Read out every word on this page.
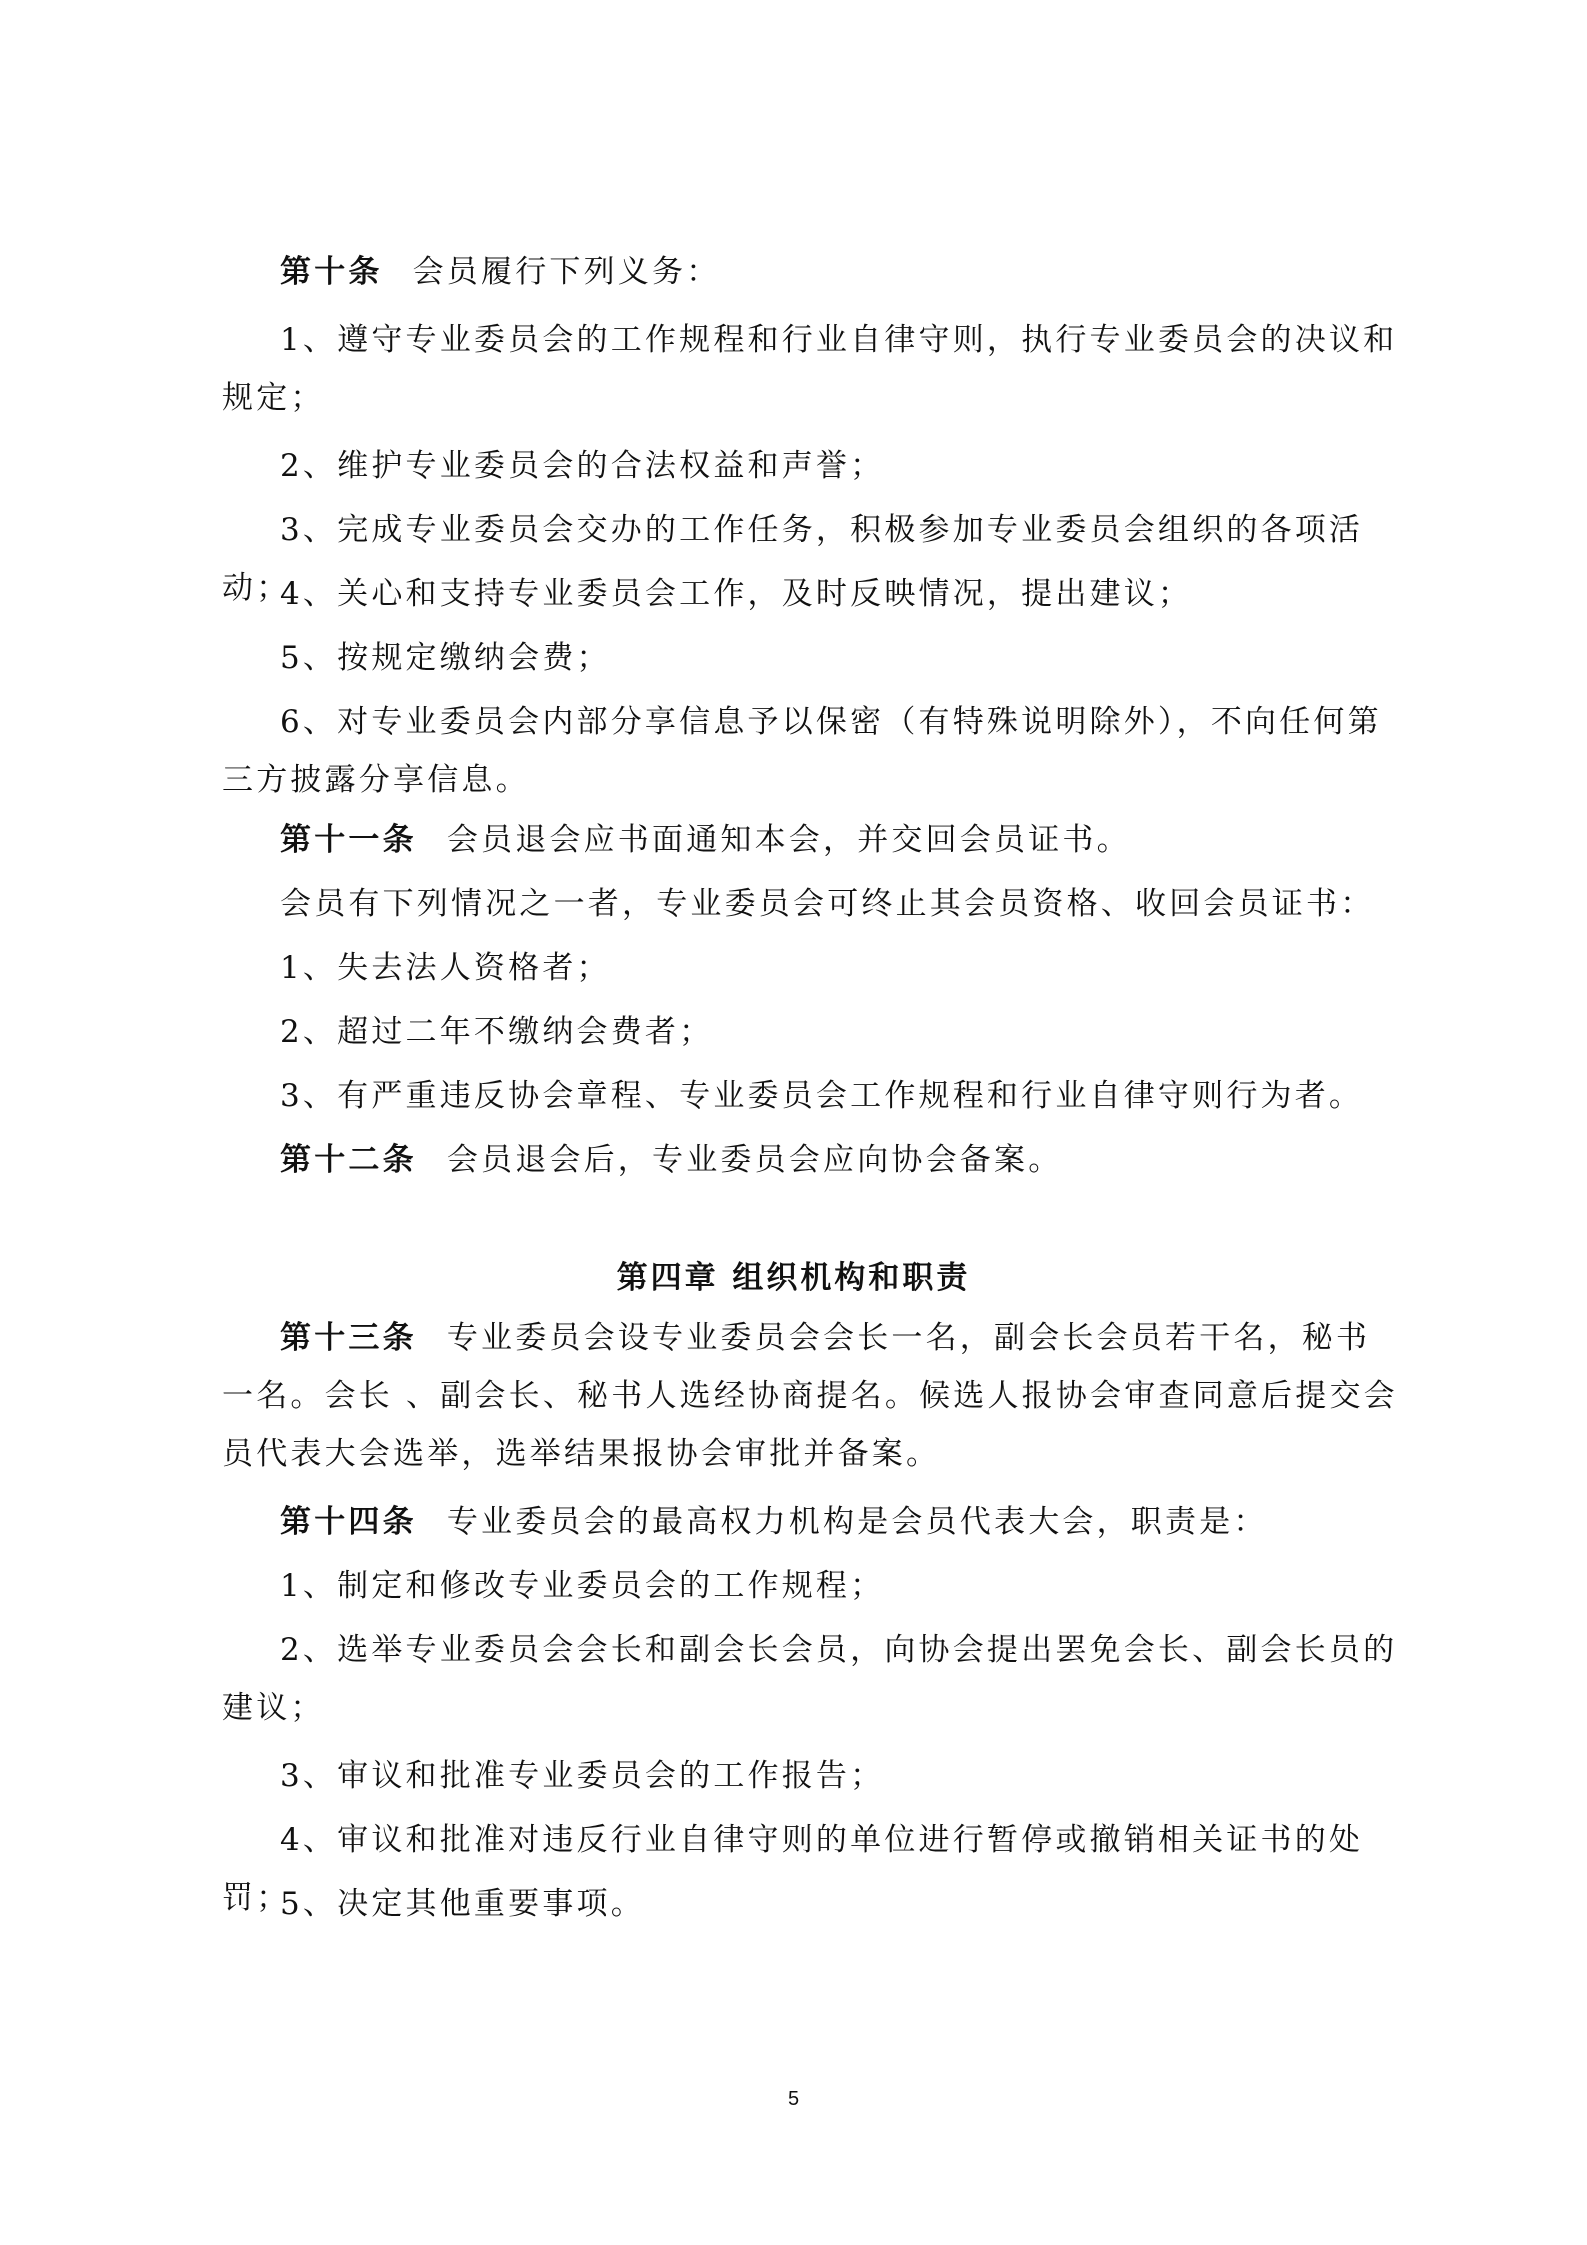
第十条 会员履行下列义务：

1、遵守专业委员会的工作规程和行业自律守则，执行专业委员会的决议和规定；

2、维护专业委员会的合法权益和声誉；

3、完成专业委员会交办的工作任务，积极参加专业委员会组织的各项活动；

4、关心和支持专业委员会工作，及时反映情况，提出建议；

5、按规定缴纳会费；

6、对专业委员会内部分享信息予以保密（有特殊说明除外），不向任何第三方披露分享信息。

第十一条 会员退会应书面通知本会，并交回会员证书。

会员有下列情况之一者，专业委员会可终止其会员资格、收回会员证书：

1、失去法人资格者；

2、超过二年不缴纳会费者；

3、有严重违反协会章程、专业委员会工作规程和行业自律守则行为者。

第十二条 会员退会后，专业委员会应向协会备案。

第四章 组织机构和职责

第十三条 专业委员会设专业委员会会长一名，副会长会员若干名，秘书一名。会长 、副会长、秘书人选经协商提名。候选人报协会审查同意后提交会员代表大会选举，选举结果报协会审批并备案。

第十四条 专业委员会的最高权力机构是会员代表大会，职责是：

1、制定和修改专业委员会的工作规程；

2、选举专业委员会会长和副会长会员，向协会提出罢免会长、副会长员的建议；

3、审议和批准专业委员会的工作报告；

4、审议和批准对违反行业自律守则的单位进行暂停或撤销相关证书的处罚；

5、决定其他重要事项。

5
